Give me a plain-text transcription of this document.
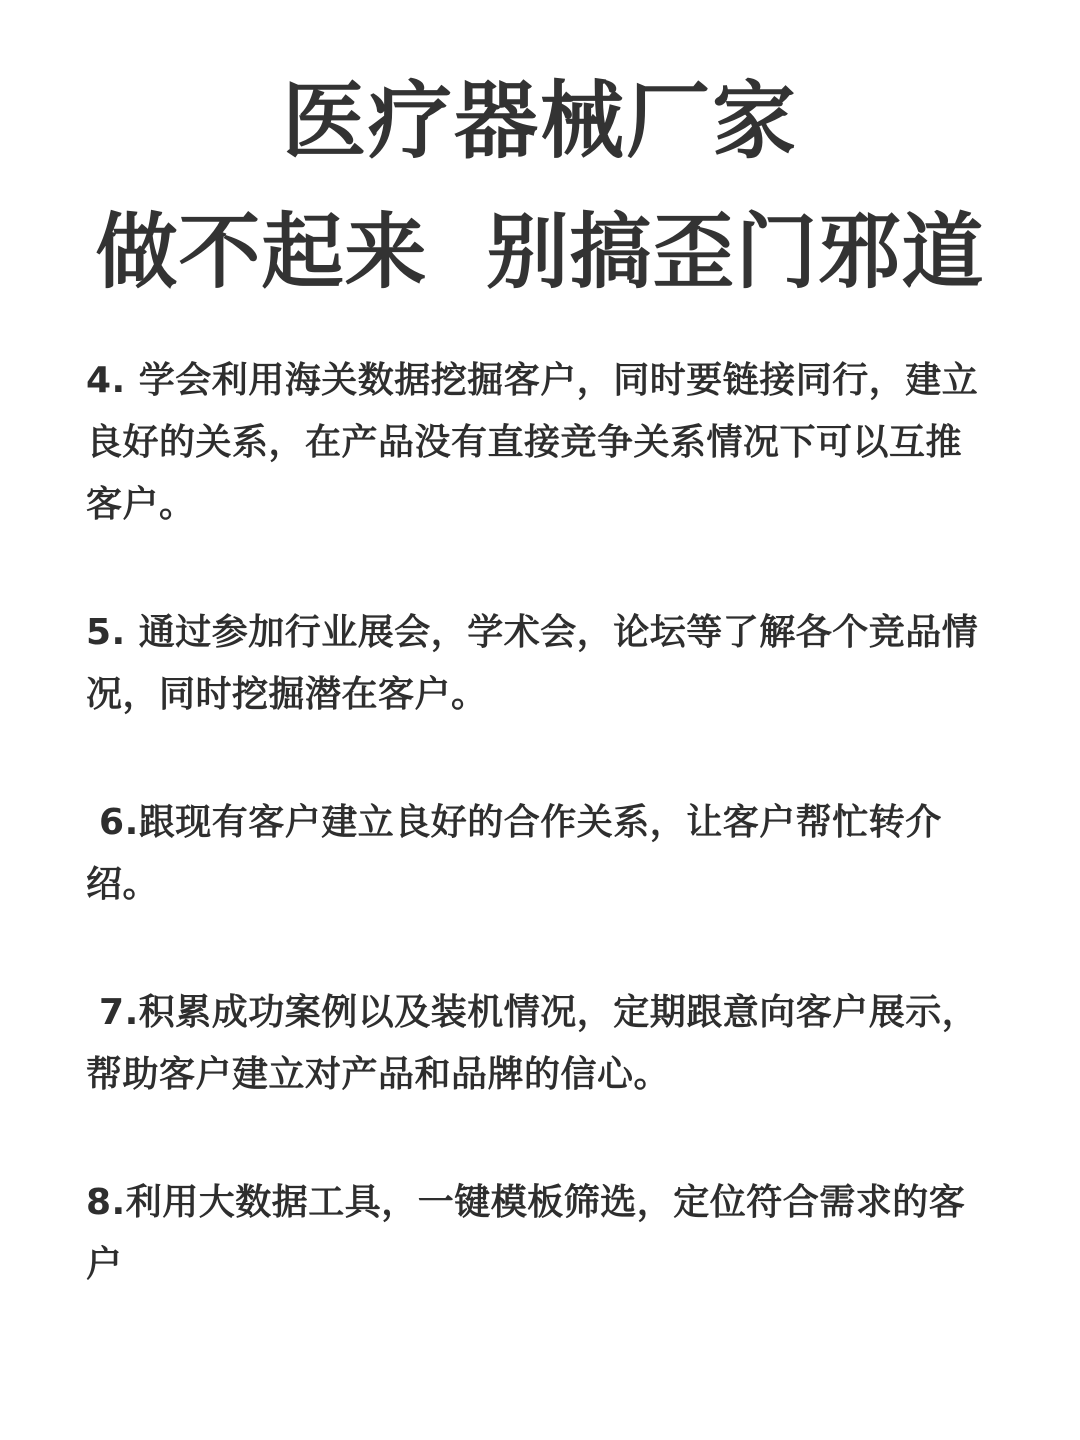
医疗器械厂家
做不起来  别搞歪门邪道
4. 学会利用海关数据挖掘客户，同时要链接同行，建立良好的关系，在产品没有直接竞争关系情况下可以互推客户。
5. 通过参加行业展会，学术会，论坛等了解各个竞品情况，同时挖掘潜在客户。
6.跟现有客户建立良好的合作关系，让客户帮忙转介绍。
7.积累成功案例以及装机情况，定期跟意向客户展示，帮助客户建立对产品和品牌的信心。
8.利用大数据工具，一键模板筛选，定位符合需求的客户
